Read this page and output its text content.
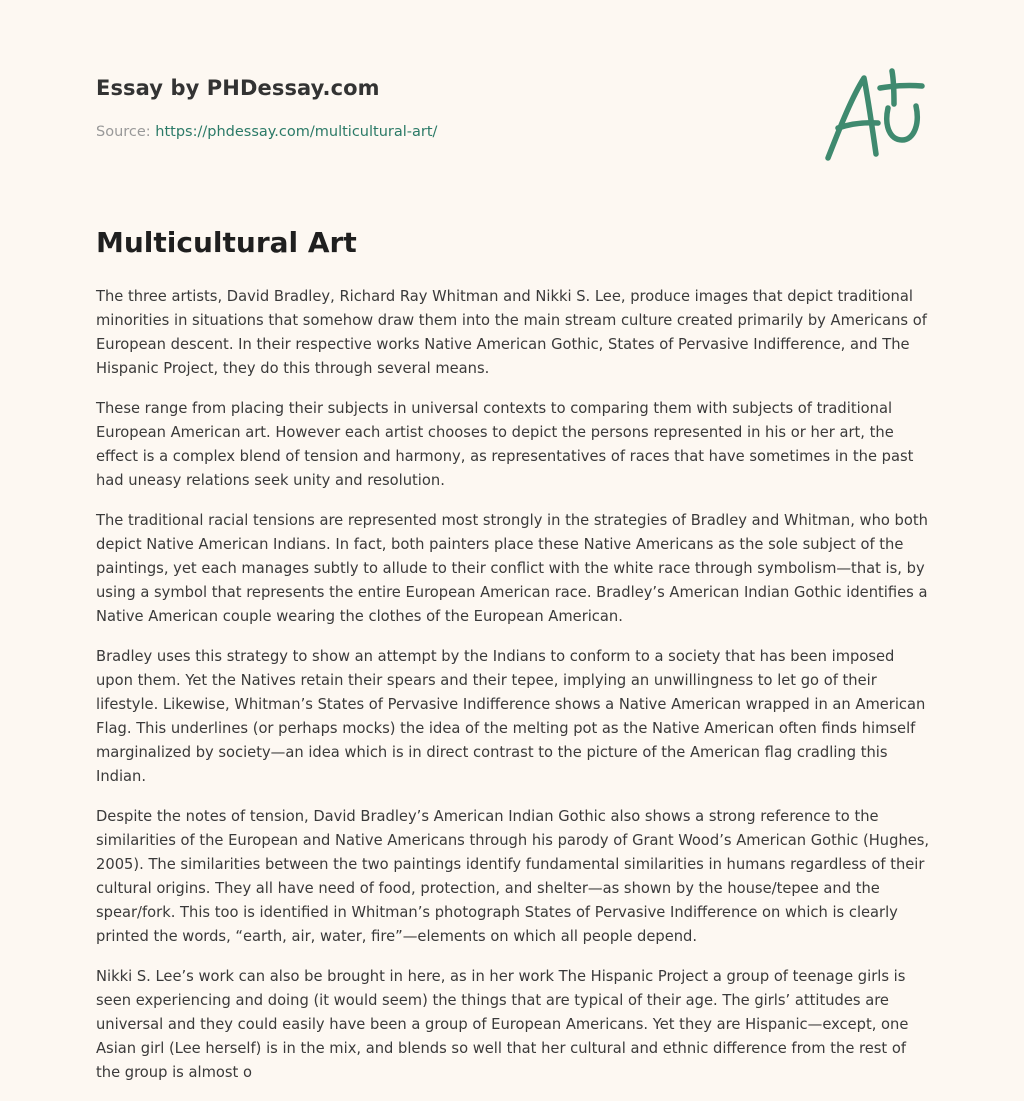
Essay by PHDessay.com
Source: https://phdessay.com/multicultural-art/
Multicultural Art

The three artists, David Bradley, Richard Ray Whitman and Nikki S. Lee, produce images that depict traditional minorities in situations that somehow draw them into the main stream culture created primarily by Americans of European descent. In their respective works Native American Gothic, States of Pervasive Indifference, and The Hispanic Project, they do this through several means.

These range from placing their subjects in universal contexts to comparing them with subjects of traditional European American art. However each artist chooses to depict the persons represented in his or her art, the effect is a complex blend of tension and harmony, as representatives of races that have sometimes in the past had uneasy relations seek unity and resolution.

The traditional racial tensions are represented most strongly in the strategies of Bradley and Whitman, who both depict Native American Indians. In fact, both painters place these Native Americans as the sole subject of the paintings, yet each manages subtly to allude to their conflict with the white race through symbolism—that is, by using a symbol that represents the entire European American race. Bradley’s American Indian Gothic identifies a Native American couple wearing the clothes of the European American.

Bradley uses this strategy to show an attempt by the Indians to conform to a society that has been imposed upon them. Yet the Natives retain their spears and their tepee, implying an unwillingness to let go of their lifestyle. Likewise, Whitman’s States of Pervasive Indifference shows a Native American wrapped in an American Flag. This underlines (or perhaps mocks) the idea of the melting pot as the Native American often finds himself marginalized by society—an idea which is in direct contrast to the picture of the American flag cradling this Indian.

Despite the notes of tension, David Bradley’s American Indian Gothic also shows a strong reference to the similarities of the European and Native Americans through his parody of Grant Wood’s American Gothic (Hughes, 2005). The similarities between the two paintings identify fundamental similarities in humans regardless of their cultural origins. They all have need of food, protection, and shelter—as shown by the house/tepee and the spear/fork. This too is identified in Whitman’s photograph States of Pervasive Indifference on which is clearly printed the words, “earth, air, water, fire”—elements on which all people depend.

Nikki S. Lee’s work can also be brought in here, as in her work The Hispanic Project a group of teenage girls is seen experiencing and doing (it would seem) the things that are typical of their age. The girls’ attitudes are universal and they could easily have been a group of European Americans. Yet they are Hispanic—except, one Asian girl (Lee herself) is in the mix, and blends so well that her cultural and ethnic difference from the rest of the group is almost o
